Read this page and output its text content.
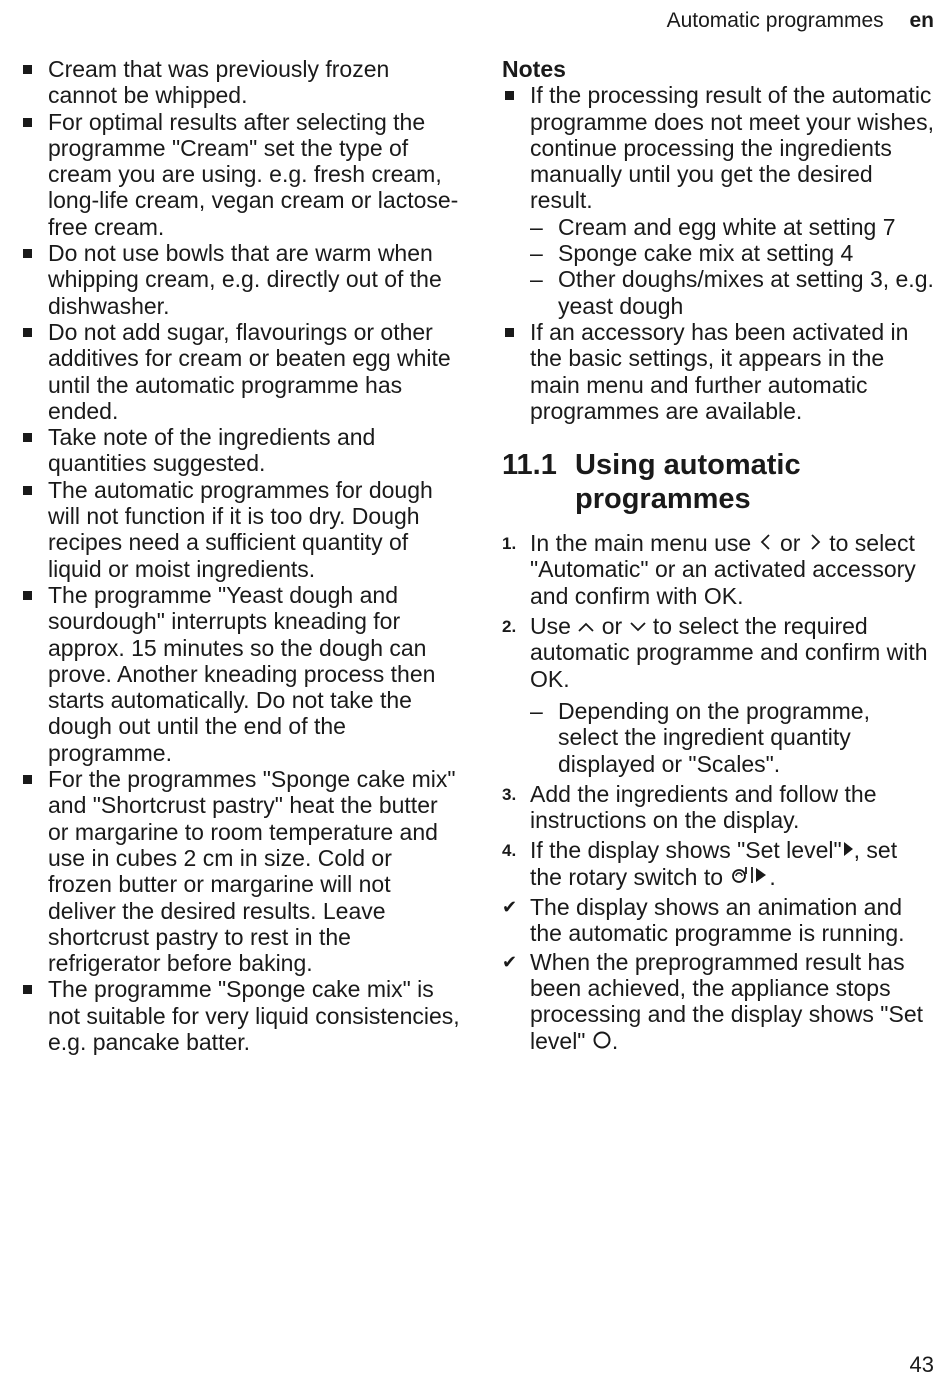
Automatic programmes en
Cream that was previously frozen cannot be whipped.
For optimal results after selecting the programme "Cream" set the type of cream you are using. e.g. fresh cream, long-life cream, vegan cream or lactose-free cream.
Do not use bowls that are warm when whipping cream, e.g. directly out of the dishwasher.
Do not add sugar, flavourings or other additives for cream or beaten egg white until the automatic programme has ended.
Take note of the ingredients and quantities suggested.
The automatic programmes for dough will not function if it is too dry. Dough recipes need a sufficient quantity of liquid or moist ingredients.
The programme "Yeast dough and sourdough" interrupts kneading for approx. 15 minutes so the dough can prove. Another kneading process then starts automatically. Do not take the dough out until the end of the programme.
For the programmes "Sponge cake mix" and "Shortcrust pastry" heat the butter or margarine to room temperature and use in cubes 2 cm in size. Cold or frozen butter or margarine will not deliver the desired results. Leave shortcrust pastry to rest in the refrigerator before baking.
The programme "Sponge cake mix" is not suitable for very liquid consistencies, e.g. pancake batter.
Notes
If the processing result of the automatic programme does not meet your wishes, continue processing the ingredients manually until you get the desired result.
– Cream and egg white at setting 7
– Sponge cake mix at setting 4
– Other doughs/mixes at setting 3, e.g. yeast dough
If an accessory has been activated in the basic settings, it appears in the main menu and further automatic programmes are available.
11.1 Using automatic programmes
1. In the main menu use or to select "Automatic" or an activated accessory and confirm with OK.
2. Use or to select the required automatic programme and confirm with OK.
– Depending on the programme, select the ingredient quantity displayed or "Scales".
3. Add the ingredients and follow the instructions on the display.
4. If the display shows "Set level" , set the rotary switch to .
✔ The display shows an animation and the automatic programme is running.
✔ When the preprogrammed result has been achieved, the appliance stops processing and the display shows "Set level" .
43
